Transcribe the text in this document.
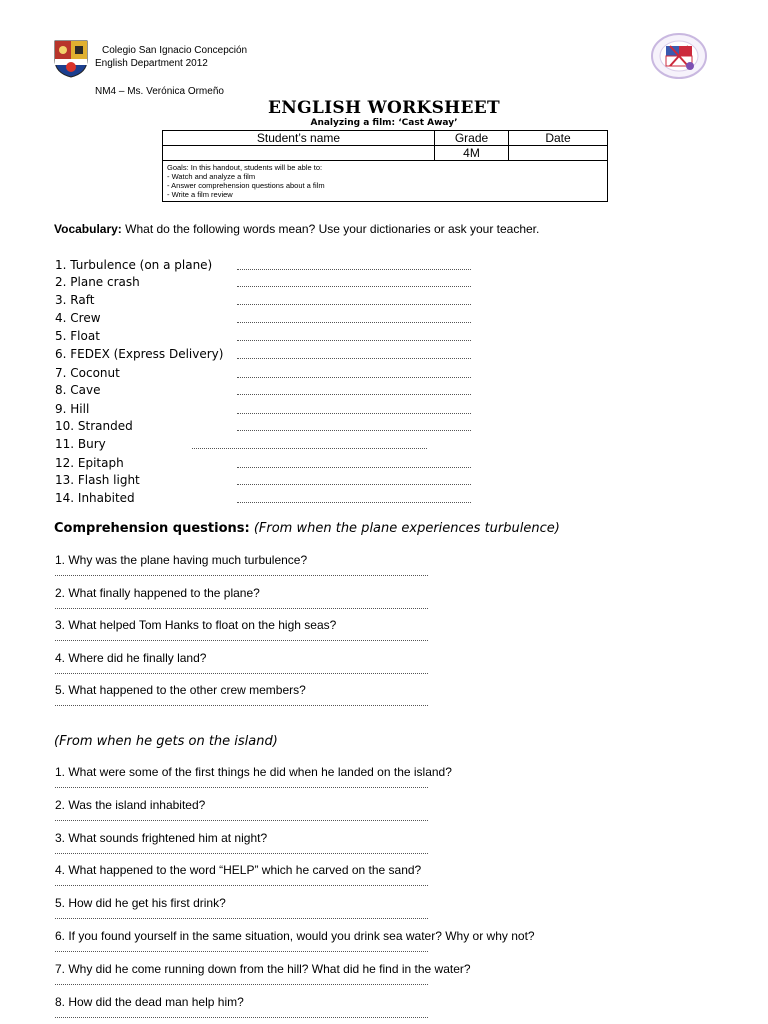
Colegio San Ignacio Concepción
English Department 2012
NM4 – Ms. Verónica Ormeño
ENGLISH WORKSHEET
Analyzing a film: ‘Cast Away’
Student’s name	Grade	Date
	4M	

Goals: In this handout, students will be able to:
- Watch and analyze a film
- Answer comprehension questions about a film
- Write a film review		
Vocabulary: What do the following words mean? Use your dictionaries or ask your teacher.
1. Turbulence (on a plane)
2. Plane crash
3. Raft
4. Crew
5. Float
6. FEDEX (Express Delivery)
7. Coconut
8. Cave
9. Hill
10. Stranded
11. Bury
12. Epitaph
13. Flash light
14. Inhabited
Comprehension questions: (From when the plane experiences turbulence)
1. Why was the plane having much turbulence?
2. What finally happened to the plane?
3. What helped Tom Hanks to float on the high seas?
4. Where did he finally land?
5. What happened to the other crew members?
(From when he gets on the island)
1. What were some of the first things he did when he landed on the island?
2. Was the island inhabited?
3. What sounds frightened him at night?
4. What happened to the word “HELP” which he carved on the sand?
5. How did he get his first drink?
6. If you found yourself in the same situation, would you drink sea water? Why or why not?
7. Why did he come running down from the hill? What did he find in the water?
8. How did the dead man help him?
